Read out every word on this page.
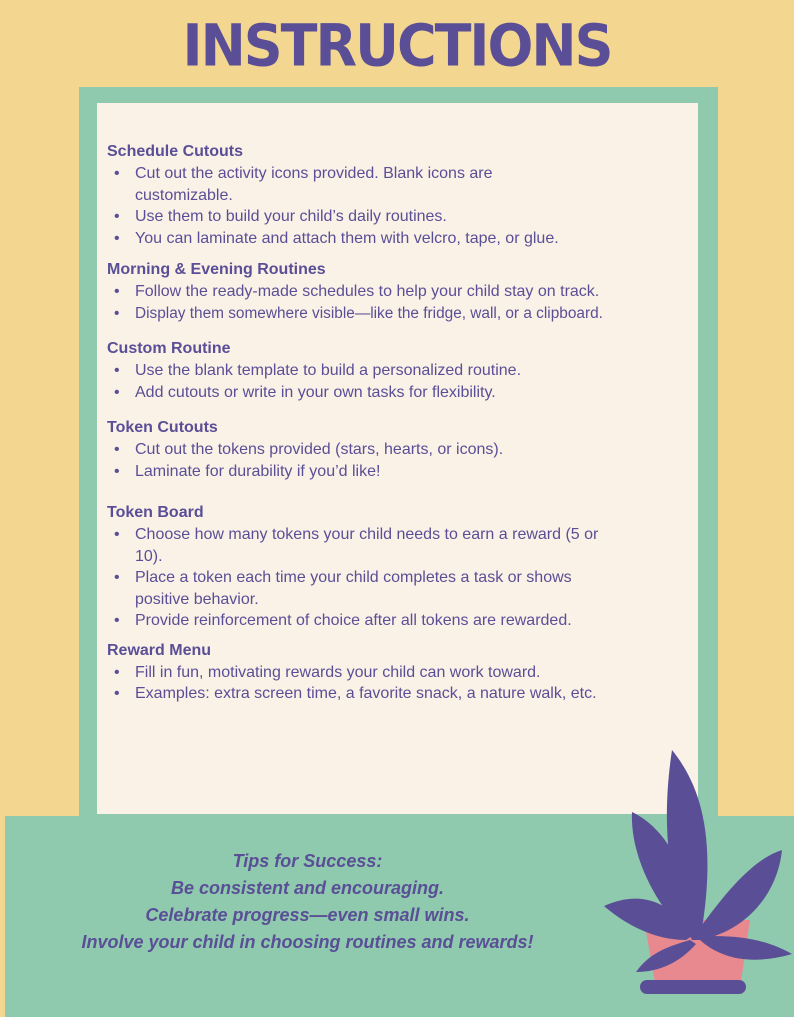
INSTRUCTIONS
Schedule Cutouts
• Cut out the activity icons provided. Blank icons are customizable.
• Use them to build your child’s daily routines.
• You can laminate and attach them with velcro, tape, or glue.
Morning & Evening Routines
• Follow the ready-made schedules to help your child stay on track.
• Display them somewhere visible—like the fridge, wall, or a clipboard.
Custom Routine
• Use the blank template to build a personalized routine.
• Add cutouts or write in your own tasks for flexibility.
Token Cutouts
• Cut out the tokens provided (stars, hearts, or icons).
• Laminate for durability if you’d like!
Token Board
• Choose how many tokens your child needs to earn a reward (5 or 10).
• Place a token each time your child completes a task or shows positive behavior.
• Provide reinforcement of choice after all tokens are rewarded.
Reward Menu
• Fill in fun, motivating rewards your child can work toward.
• Examples: extra screen time, a favorite snack, a nature walk, etc.
Tips for Success:
Be consistent and encouraging.
Celebrate progress—even small wins.
Involve your child in choosing routines and rewards!
